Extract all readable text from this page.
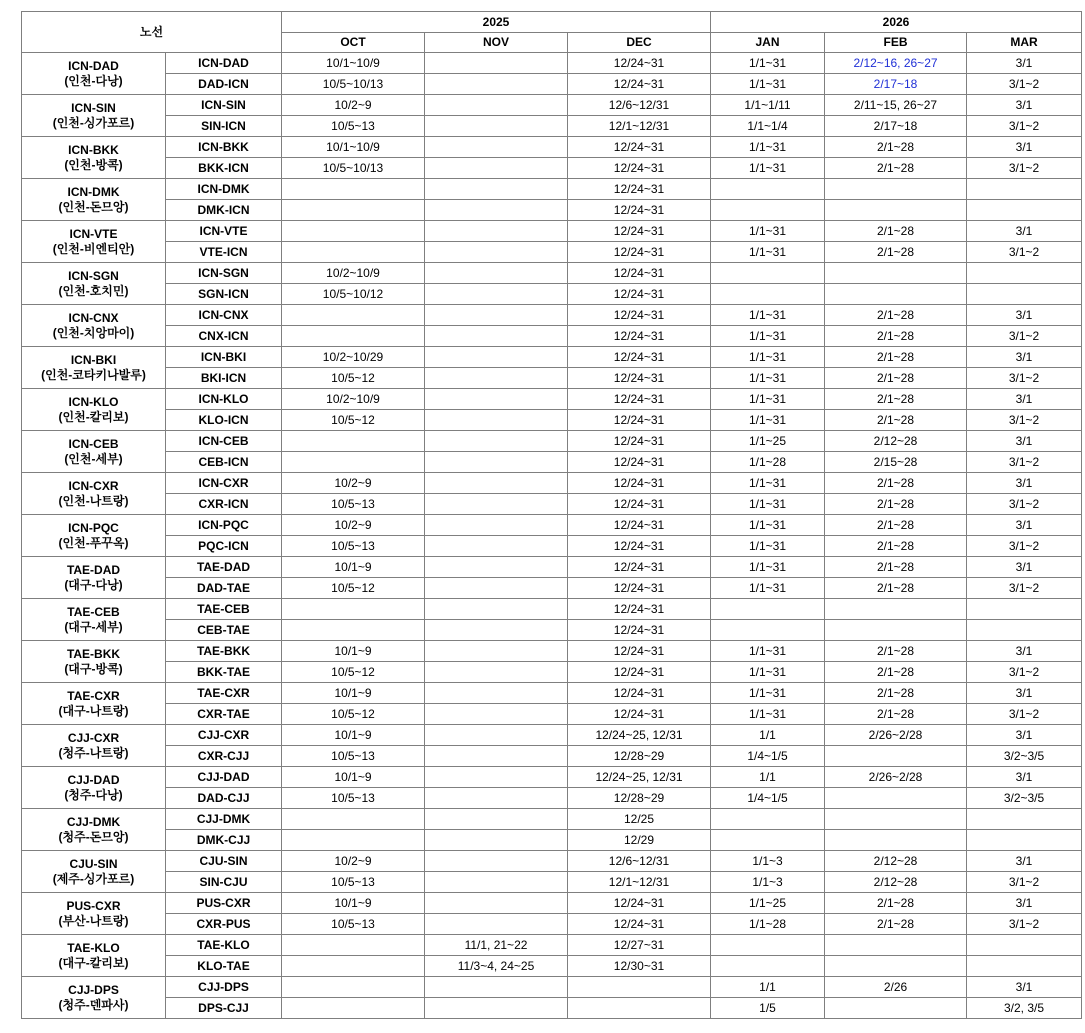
노선		2025			2026		
		OCT	NOV	DEC	JAN	FEB	MAR

ICN-DAD
(인천-다낭)	ICN-DAD	10/1~10/9		12/24~31	1/1~31	2/12~16, 26~27	3/1
	DAD-ICN	10/5~10/13		12/24~31	1/1~31	2/17~18	3/1~2

ICN-SIN
(인천-싱가포르)	ICN-SIN	10/2~9		12/6~12/31	1/1~1/11	2/11~15, 26~27	3/1
	SIN-ICN	10/5~13		12/1~12/31	1/1~1/4	2/17~18	3/1~2

ICN-BKK
(인천-방콕)	ICN-BKK	10/1~10/9		12/24~31	1/1~31	2/1~28	3/1
	BKK-ICN	10/5~10/13		12/24~31	1/1~31	2/1~28	3/1~2

ICN-DMK
(인천-돈므앙)	ICN-DMK			12/24~31			
	DMK-ICN			12/24~31			

ICN-VTE
(인천-비엔티안)	ICN-VTE			12/24~31	1/1~31	2/1~28	3/1
	VTE-ICN			12/24~31	1/1~31	2/1~28	3/1~2

ICN-SGN
(인천-호치민)	ICN-SGN	10/2~10/9		12/24~31			
	SGN-ICN	10/5~10/12		12/24~31			

ICN-CNX
(인천-치앙마이)	ICN-CNX			12/24~31	1/1~31	2/1~28	3/1
	CNX-ICN			12/24~31	1/1~31	2/1~28	3/1~2

ICN-BKI
(인천-코타키나발루)	ICN-BKI	10/2~10/29		12/24~31	1/1~31	2/1~28	3/1
	BKI-ICN	10/5~12		12/24~31	1/1~31	2/1~28	3/1~2

ICN-KLO
(인천-칼리보)	ICN-KLO	10/2~10/9		12/24~31	1/1~31	2/1~28	3/1
	KLO-ICN	10/5~12		12/24~31	1/1~31	2/1~28	3/1~2

ICN-CEB
(인천-세부)	ICN-CEB			12/24~31	1/1~25	2/12~28	3/1
	CEB-ICN			12/24~31	1/1~28	2/15~28	3/1~2

ICN-CXR
(인천-나트랑)	ICN-CXR	10/2~9		12/24~31	1/1~31	2/1~28	3/1
	CXR-ICN	10/5~13		12/24~31	1/1~31	2/1~28	3/1~2

ICN-PQC
(인천-푸꾸옥)	ICN-PQC	10/2~9		12/24~31	1/1~31	2/1~28	3/1
	PQC-ICN	10/5~13		12/24~31	1/1~31	2/1~28	3/1~2

TAE-DAD
(대구-다낭)	TAE-DAD	10/1~9		12/24~31	1/1~31	2/1~28	3/1
	DAD-TAE	10/5~12		12/24~31	1/1~31	2/1~28	3/1~2

TAE-CEB
(대구-세부)	TAE-CEB			12/24~31			
	CEB-TAE			12/24~31			

TAE-BKK
(대구-방콕)	TAE-BKK	10/1~9		12/24~31	1/1~31	2/1~28	3/1
	BKK-TAE	10/5~12		12/24~31	1/1~31	2/1~28	3/1~2

TAE-CXR
(대구-나트랑)	TAE-CXR	10/1~9		12/24~31	1/1~31	2/1~28	3/1
	CXR-TAE	10/5~12		12/24~31	1/1~31	2/1~28	3/1~2

CJJ-CXR
(청주-나트랑)	CJJ-CXR	10/1~9		12/24~25, 12/31	1/1	2/26~2/28	3/1
	CXR-CJJ	10/5~13		12/28~29	1/4~1/5		3/2~3/5

CJJ-DAD
(청주-다낭)	CJJ-DAD	10/1~9		12/24~25, 12/31	1/1	2/26~2/28	3/1
	DAD-CJJ	10/5~13		12/28~29	1/4~1/5		3/2~3/5

CJJ-DMK
(청주-돈므앙)	CJJ-DMK			12/25			
	DMK-CJJ			12/29			

CJU-SIN
(제주-싱가포르)	CJU-SIN	10/2~9		12/6~12/31	1/1~3	2/12~28	3/1
	SIN-CJU	10/5~13		12/1~12/31	1/1~3	2/12~28	3/1~2

PUS-CXR
(부산-나트랑)	PUS-CXR	10/1~9		12/24~31	1/1~25	2/1~28	3/1
	CXR-PUS	10/5~13		12/24~31	1/1~28	2/1~28	3/1~2

TAE-KLO
(대구-칼리보)	TAE-KLO		11/1, 21~22	12/27~31			
	KLO-TAE		11/3~4, 24~25	12/30~31			

CJJ-DPS
(청주-덴파사)	CJJ-DPS				1/1	2/26	3/1
	DPS-CJJ				1/5		3/2, 3/5
